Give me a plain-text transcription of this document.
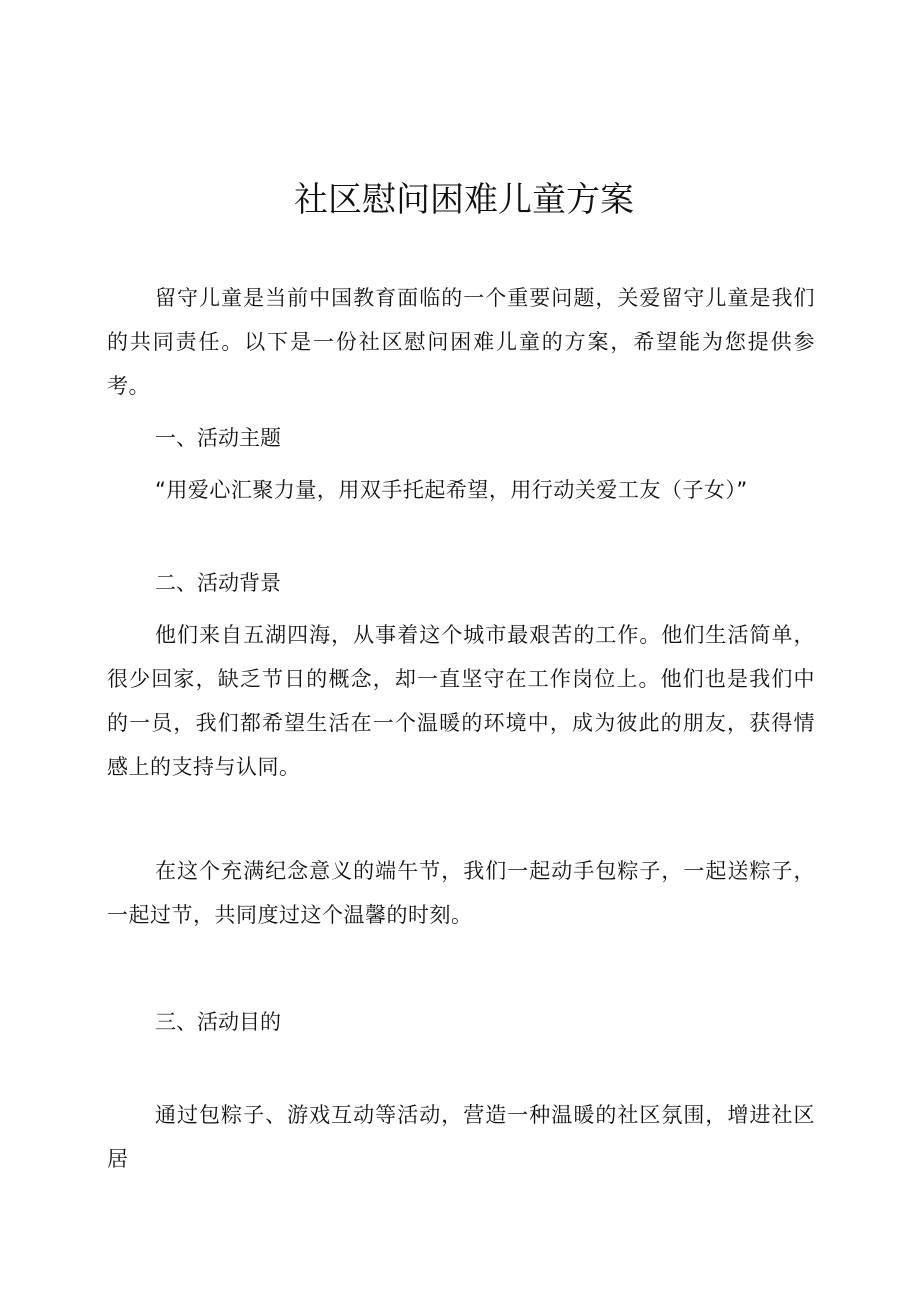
社区慰问困难儿童方案

留守儿童是当前中国教育面临的一个重要问题，关爱留守儿童是我们的共同责任。以下是一份社区慰问困难儿童的方案，希望能为您提供参考。

一、活动主题

“用爱心汇聚力量，用双手托起希望，用行动关爱工友（子女）”

二、活动背景

他们来自五湖四海，从事着这个城市最艰苦的工作。他们生活简单，很少回家，缺乏节日的概念，却一直坚守在工作岗位上。他们也是我们中的一员，我们都希望生活在一个温暖的环境中，成为彼此的朋友，获得情感上的支持与认同。

在这个充满纪念意义的端午节，我们一起动手包粽子，一起送粽子，一起过节，共同度过这个温馨的时刻。

三、活动目的

通过包粽子、游戏互动等活动，营造一种温暖的社区氛围，增进社区居
